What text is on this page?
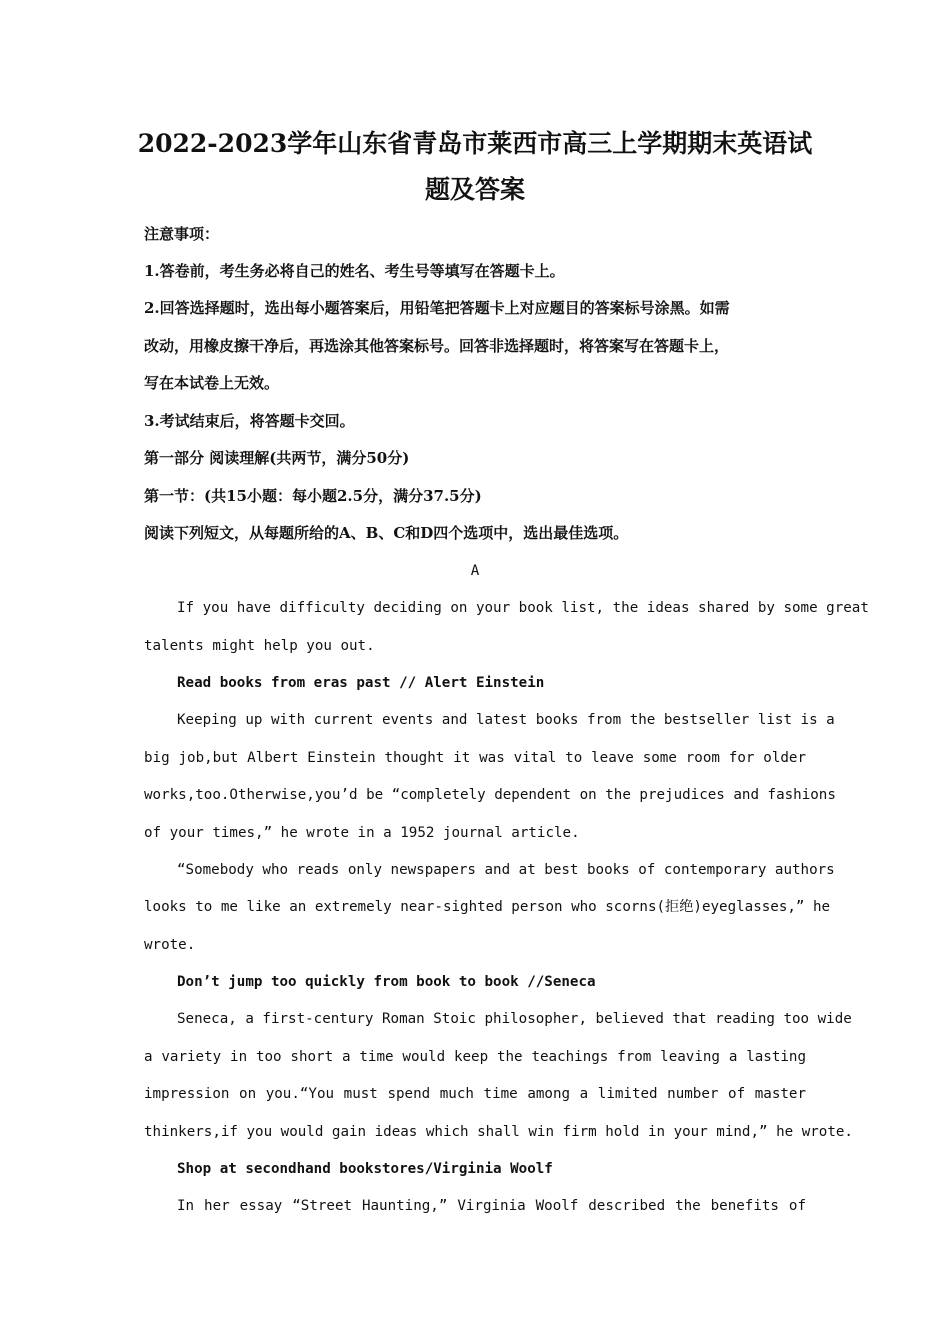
2022-2023学年山东省青岛市莱西市高三上学期期末英语试
题及答案
注意事项：
1.答卷前，考生务必将自己的姓名、考生号等填写在答题卡上。
2.回答选择题时，选出每小题答案后，用铅笔把答题卡上对应题目的答案标号涂黑。如需
改动，用橡皮擦干净后，再选涂其他答案标号。回答非选择题时，将答案写在答题卡上，
写在本试卷上无效。
3.考试结束后，将答题卡交回。
第一部分 阅读理解(共两节，满分50分)
第一节：(共15小题：每小题2.5分，满分37.5分)
阅读下列短文，从每题所给的A、B、C和D四个选项中，选出最佳选项。
A
If you have difficulty deciding on your book list, the ideas shared by some great
talents might help you out.
Read books from eras past // Alert Einstein
Keeping up with current events and latest books from the bestseller list is a
big job,but Albert Einstein thought it was vital to leave some room for older
works,too.Otherwise,you’d be “completely dependent on the prejudices and fashions
of your times,” he wrote in a 1952 journal article.
“Somebody who reads only newspapers and at best books of contemporary authors
looks to me like an extremely near-sighted person who scorns(拒绝)eyeglasses,” he
wrote.
Don’t jump too quickly from book to book //Seneca
Seneca, a first-century Roman Stoic philosopher, believed that reading too wide
a variety in too short a time would keep the teachings from leaving a lasting
impression on you.“You must spend much time among a limited number of master
thinkers,if you would gain ideas which shall win firm hold in your mind,” he wrote.
Shop at secondhand bookstores/Virginia Woolf
In her essay “Street Haunting,” Virginia Woolf described the benefits of
